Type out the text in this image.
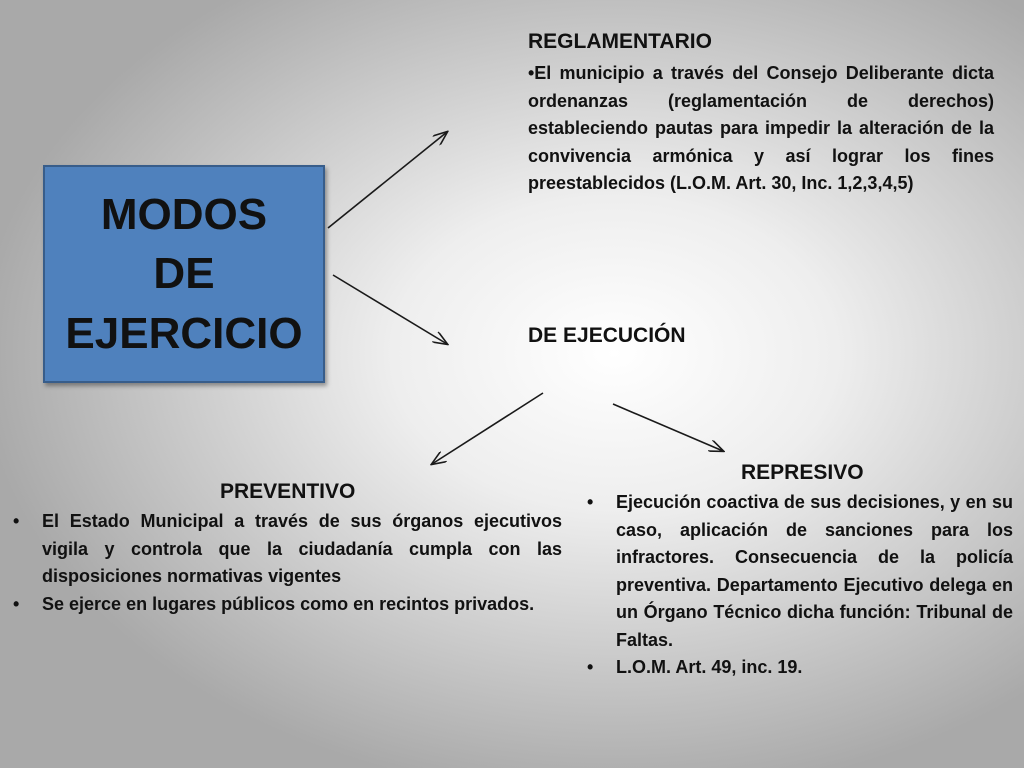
MODOS
DE
EJERCICIO

REGLAMENTARIO
•El municipio a través del Consejo Deliberante dicta ordenanzas (reglamentación de derechos) estableciendo pautas para impedir la alteración de la convivencia armónica y así lograr los fines preestablecidos (L.O.M. Art. 30, Inc. 1,2,3,4,5)
DE EJECUCIÓN
PREVENTIVO
• El Estado Municipal a través de sus órganos ejecutivos vigila y controla que la ciudadanía cumpla con las disposiciones normativas vigentes
• Se ejerce en lugares públicos como en recintos privados.
REPRESIVO
• Ejecución coactiva de sus decisiones, y en su caso, aplicación de sanciones para los infractores. Consecuencia de la policía preventiva. Departamento Ejecutivo delega en un Órgano Técnico dicha función: Tribunal de Faltas.
• L.O.M. Art. 49, inc. 19.
